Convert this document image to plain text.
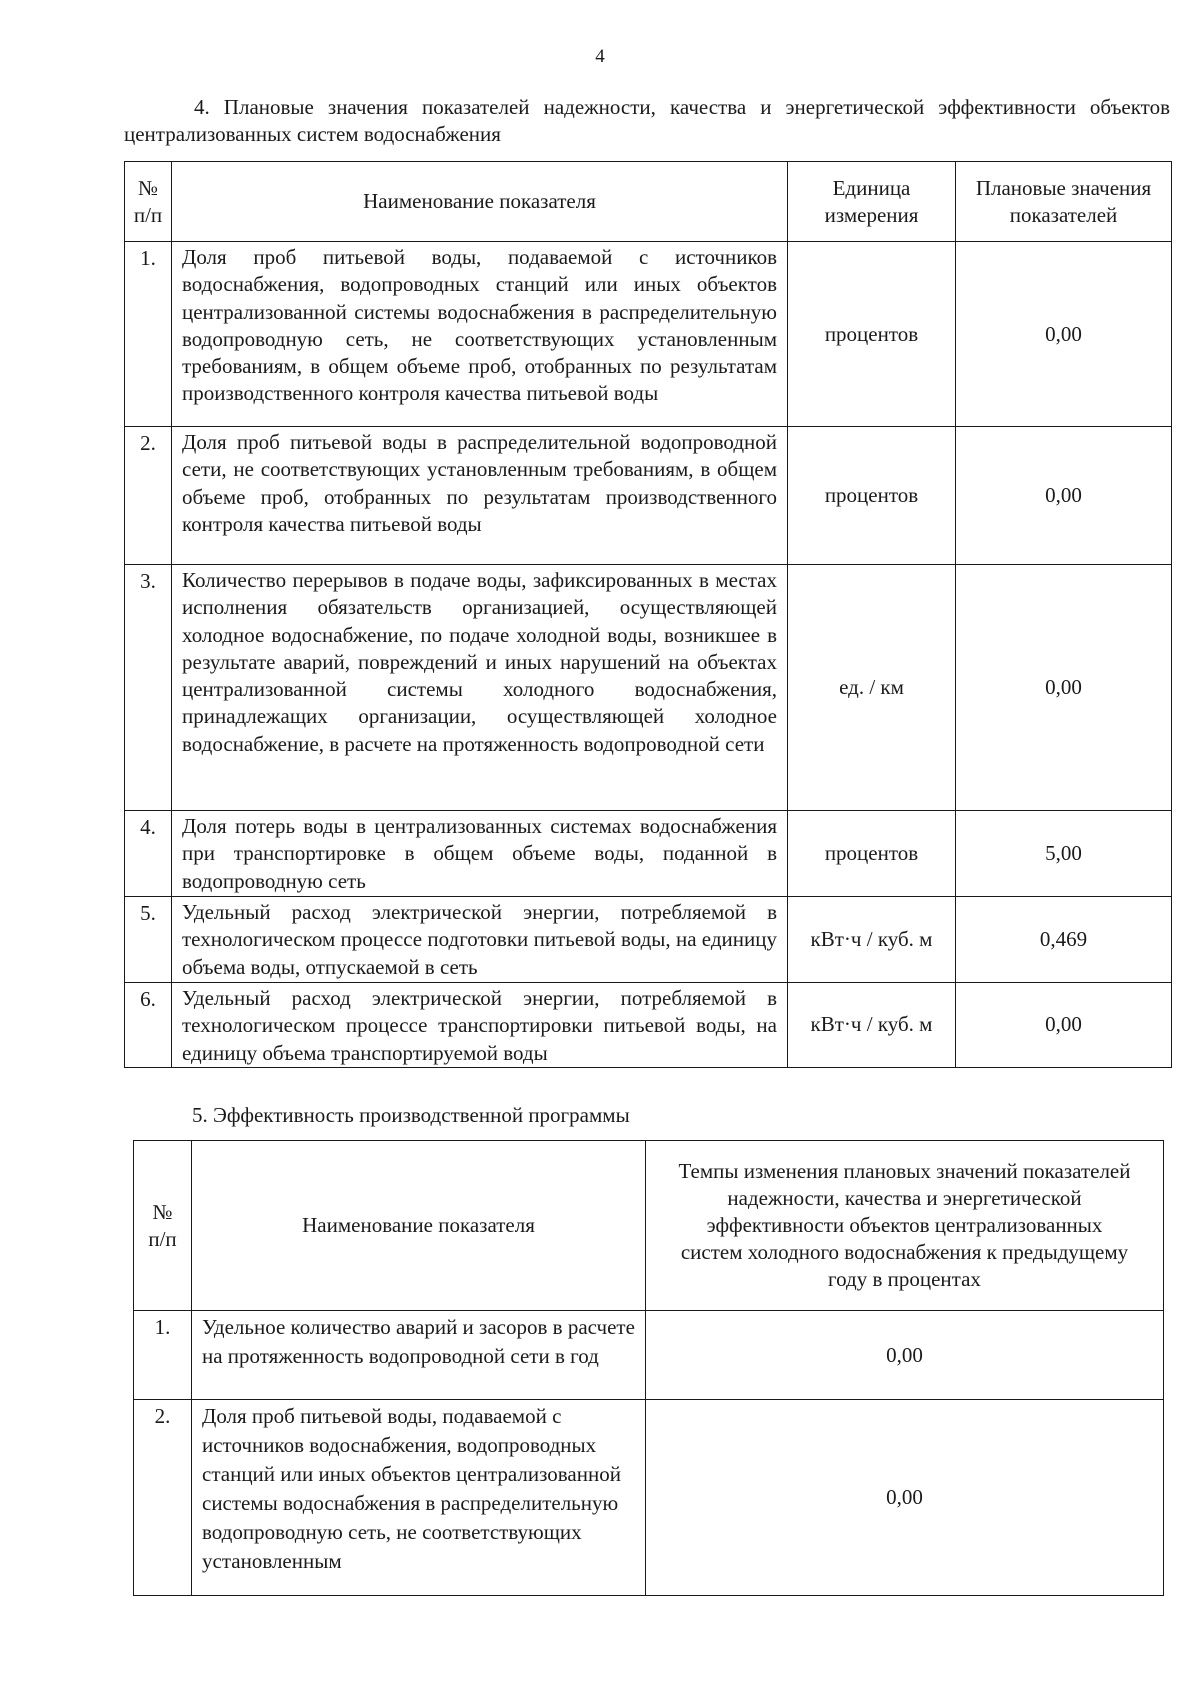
4
4. Плановые значения показателей надежности, качества и энергетической эффективности объектов централизованных систем водоснабжения
№ п/п	Наименование показателя	Единица измерения	Плановые значения показателей
1.	Доля проб питьевой воды, подаваемой с источников водоснабжения, водопроводных станций или иных объектов централизованной системы водоснабжения в распределительную водопроводную сеть, не соответствующих установленным требованиям, в общем объеме проб, отобранных по результатам производственного контроля качества питьевой воды	процентов	0,00
2.	Доля проб питьевой воды в распределительной водопроводной сети, не соответствующих установленным требованиям, в общем объеме проб, отобранных по результатам производственного контроля качества питьевой воды	процентов	0,00
3.	Количество перерывов в подаче воды, зафиксированных в местах исполнения обязательств организацией, осуществляющей холодное водоснабжение, по подаче холодной воды, возникшее в результате аварий, повреждений и иных нарушений на объектах централизованной системы холодного водоснабжения, принадлежащих организации, осуществляющей холодное водоснабжение, в расчете на протяженность водопроводной сети	ед. / км	0,00
4.	Доля потерь воды в централизованных системах водоснабжения при транспортировке в общем объеме воды, поданной в водопроводную сеть	процентов	5,00
5.	Удельный расход электрической энергии, потребляемой в технологическом процессе подготовки питьевой воды, на единицу объема воды, отпускаемой в сеть	кВт·ч / куб. м	0,469
6.	Удельный расход электрической энергии, потребляемой в технологическом процессе транспортировки питьевой воды, на единицу объема транспортируемой воды	кВт·ч / куб. м	0,00
5. Эффективность производственной программы
№ п/п	Наименование показателя	Темпы изменения плановых значений показателей надежности, качества и энергетической эффективности объектов централизованных систем холодного водоснабжения к предыдущему году в процентах
1.	Удельное количество аварий и засоров в расчете на протяженность водопроводной сети в год	0,00
2.	Доля проб питьевой воды, подаваемой с источников водоснабжения, водопроводных станций или иных объектов централизованной системы водоснабжения в распределительную водопроводную сеть, не соответствующих установленным	0,00
